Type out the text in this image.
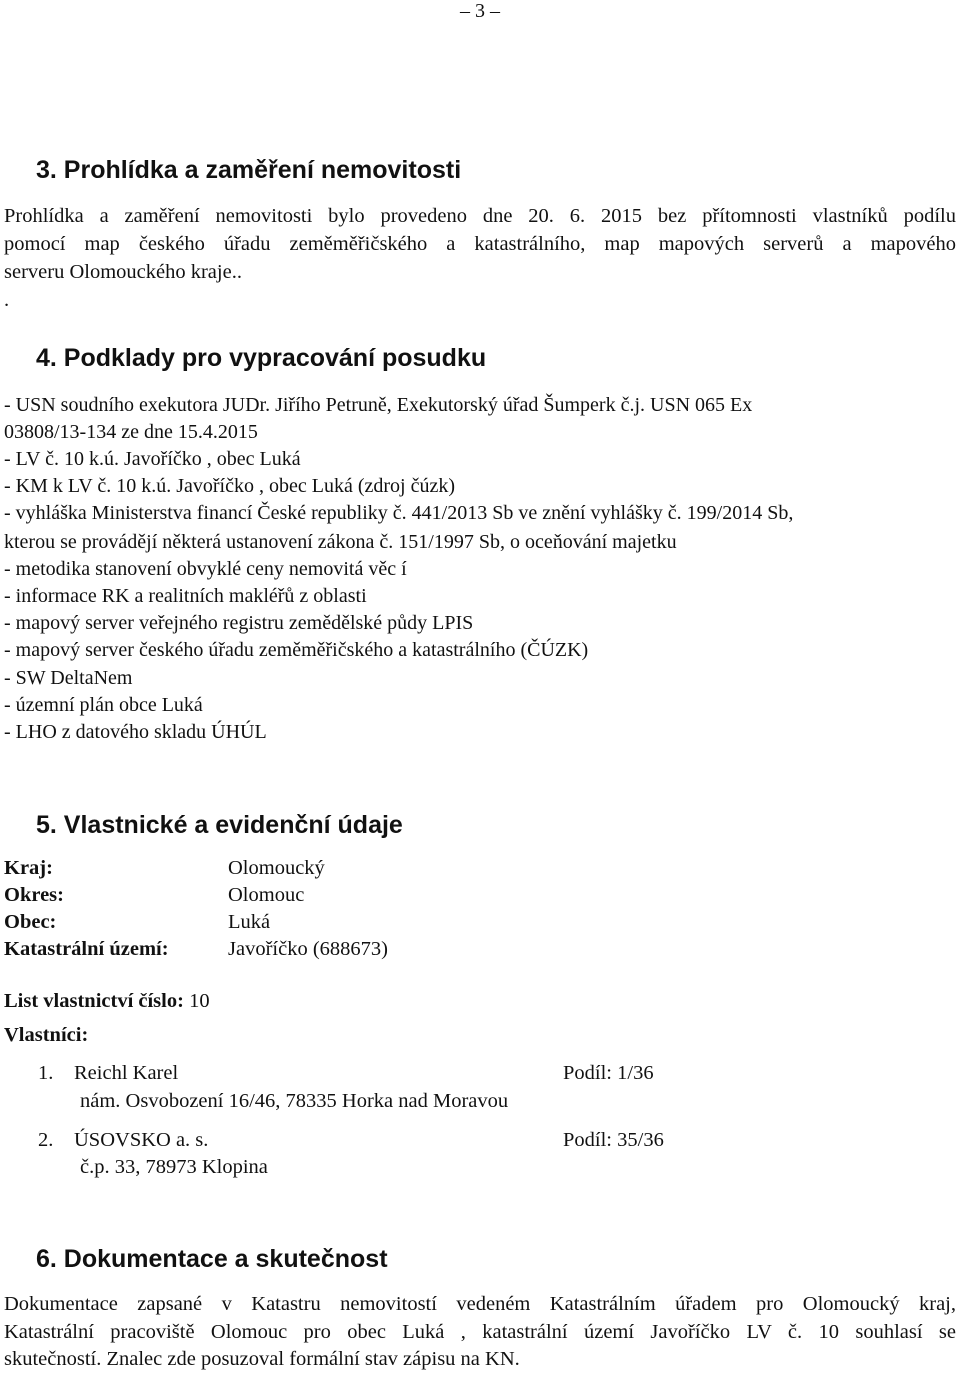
– 3 –
3. Prohlídka a zaměření nemovitosti
Prohlídka a zaměření nemovitosti bylo provedeno dne 20. 6. 2015 bez přítomnosti vlastníků podílu
pomocí map českého úřadu zeměměřičského a katastrálního, map mapových serverů a mapového
serveru Olomouckého kraje..
.
4. Podklady pro vypracování posudku
- USN soudního exekutora JUDr. Jiřího Petruně, Exekutorský úřad Šumperk č.j. USN 065 Ex
03808/13-134 ze dne 15.4.2015
- LV č. 10 k.ú. Javoříčko , obec Luká
- KM k LV č. 10 k.ú. Javoříčko , obec Luká (zdroj čúzk)
- vyhláška Ministerstva financí České republiky č. 441/2013 Sb ve znění vyhlášky č. 199/2014 Sb,
kterou se provádějí některá ustanovení zákona č. 151/1997 Sb, o oceňování majetku
- metodika stanovení obvyklé ceny nemovitá věc í
- informace RK a realitních makléřů z oblasti
- mapový server veřejného registru zemědělské půdy LPIS
- mapový server českého úřadu zeměměřičského a katastrálního (ČÚZK)
- SW DeltaNem
- územní plán obce Luká
- LHO z datového skladu ÚHÚL
5. Vlastnické a evidenční údaje
Kraj:	Olomoucký
Okres:	Olomouc
Obec:	Luká
Katastrální území:	Javoříčko (688673)
List vlastnictví číslo: 10
Vlastníci:
1. Reichl Karel	Podíl: 1/36
nám. Osvobození 16/46, 78335 Horka nad Moravou
2. ÚSOVSKO a. s.	Podíl: 35/36
č.p. 33, 78973 Klopina
6. Dokumentace a skutečnost
Dokumentace zapsané v Katastru nemovitostí vedeném Katastrálním úřadem pro Olomoucký kraj,
Katastrální pracoviště Olomouc pro obec Luká , katastrální území Javoříčko LV č. 10 souhlasí se
skutečností. Znalec zde posuzoval formální stav zápisu na KN.
